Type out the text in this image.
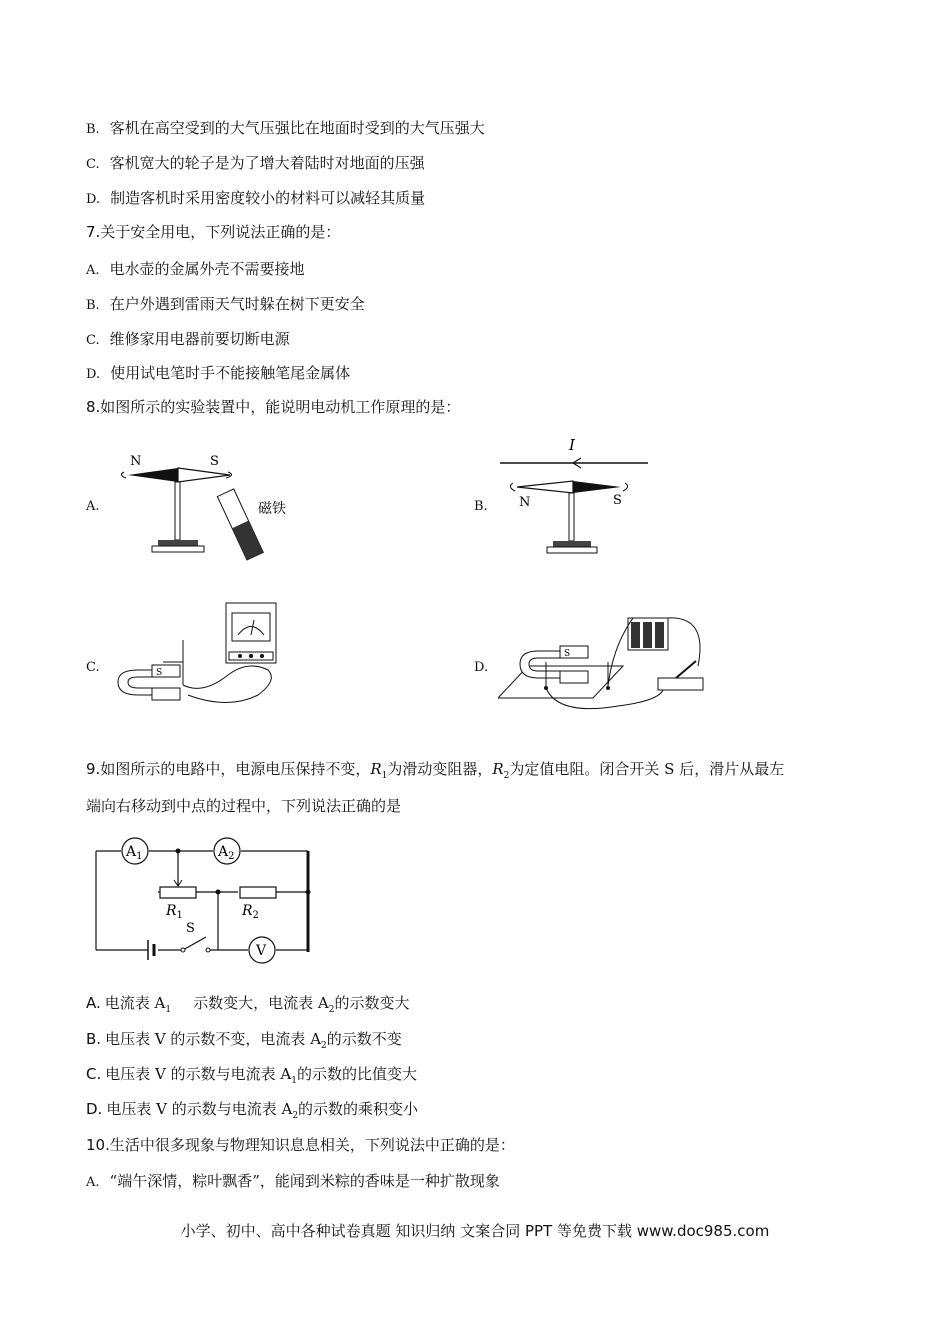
B. 客机在高空受到的大气压强比在地面时受到的大气压强大
C. 客机宽大的轮子是为了增大着陆时对地面的压强
D. 制造客机时采用密度较小的材料可以减轻其质量
7.关于安全用电，下列说法正确的是：
A. 电水壶的金属外壳不需要接地
B. 在户外遇到雷雨天气时躲在树下更安全
C. 维修家用电器前要切断电源
D. 使用试电笔时手不能接触笔尾金属体
8.如图所示的实验装置中，能说明电动机工作原理的是：
A.
N	S
磁铁	B.
I
N	S
C.	S	D.
S
9.如图所示的电路中，电源电压保持不变，$R_1$为滑动变阻器，$R_2$为定值电阻。闭合开关 S 后，滑片从最左
端向右移动到中点的过程中，下列说法正确的是
$A_1$	$A_2$
V
$R_1$	$R_2$
S
A. 电流表 $A_1$ 示数变大，电流表 $A_2$的示数变大
B. 电压表 V 的示数不变，电流表 $A_2$的示数不变
C. 电压表 V 的示数与电流表 $A_1$的示数的比值变大
D. 电压表 V 的示数与电流表 $A_2$的示数的乘积变小
10.生活中很多现象与物理知识息息相关，下列说法中正确的是：
A. “端午深情，粽叶飘香”，能闻到米粽的香味是一种扩散现象
小学、初中、高中各种试卷真题 知识归纳 文案合同 PPT 等免费下载 www.doc985.com
